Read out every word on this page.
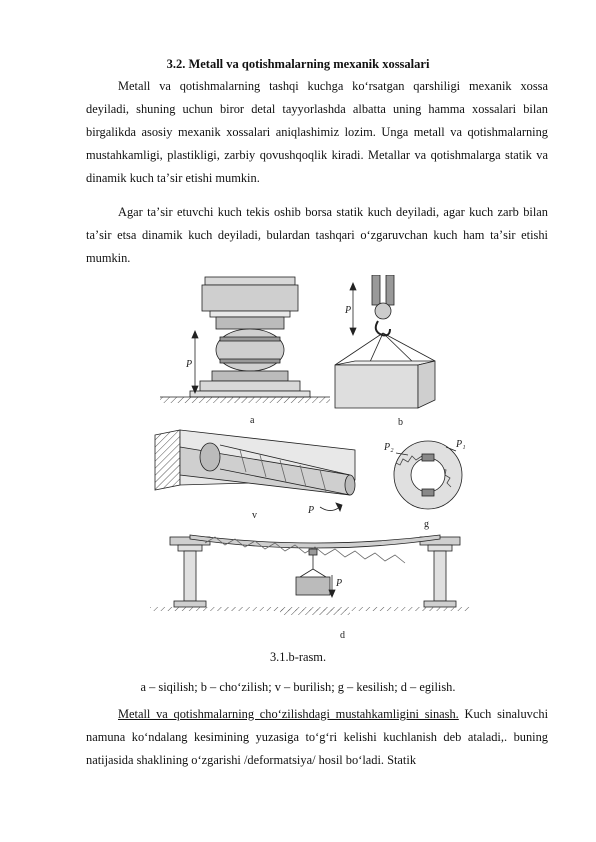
3.2. Metall va qotishmalarning mexanik xossalari

Metall va qotishmalarning tashqi kuchga koʻrsatgan qarshiligi mexanik xossa deyiladi, shuning uchun biror detal tayyorlashda albatta uning hamma xossalari bilan birgalikda asosiy mexanik xossalari aniqlashimiz lozim. Unga metall va qotishmalarning mustahkamligi, plastikligi, zarbiy qovushqoqlik kiradi. Metallar va qotishmalarga statik va dinamik kuch taʼsir etishi mumkin.

Agar taʼsir etuvchi kuch tekis oshib borsa statik kuch deyiladi, agar kuch zarb bilan taʼsir etsa dinamik kuch deyiladi, bulardan tashqari oʻzgaruvchan kuch ham taʼsir etishi mumkin.

P
a
P
b
P
v
P₂	P₁
g
P
d
3.1.b-rasm.
a – siqilish; b – choʻzilish; v – burilish; g – kesilish; d – egilish.

Metall va qotishmalarning choʻzilishdagi mustahkamligini sinash. Kuch sinaluvchi namuna koʻndalang kesimining yuzasiga toʻgʻri kelishi kuchlanish deb ataladi,. buning natijasida shaklining oʻzgarishi /deformatsiya/ hosil boʻladi. Statik
